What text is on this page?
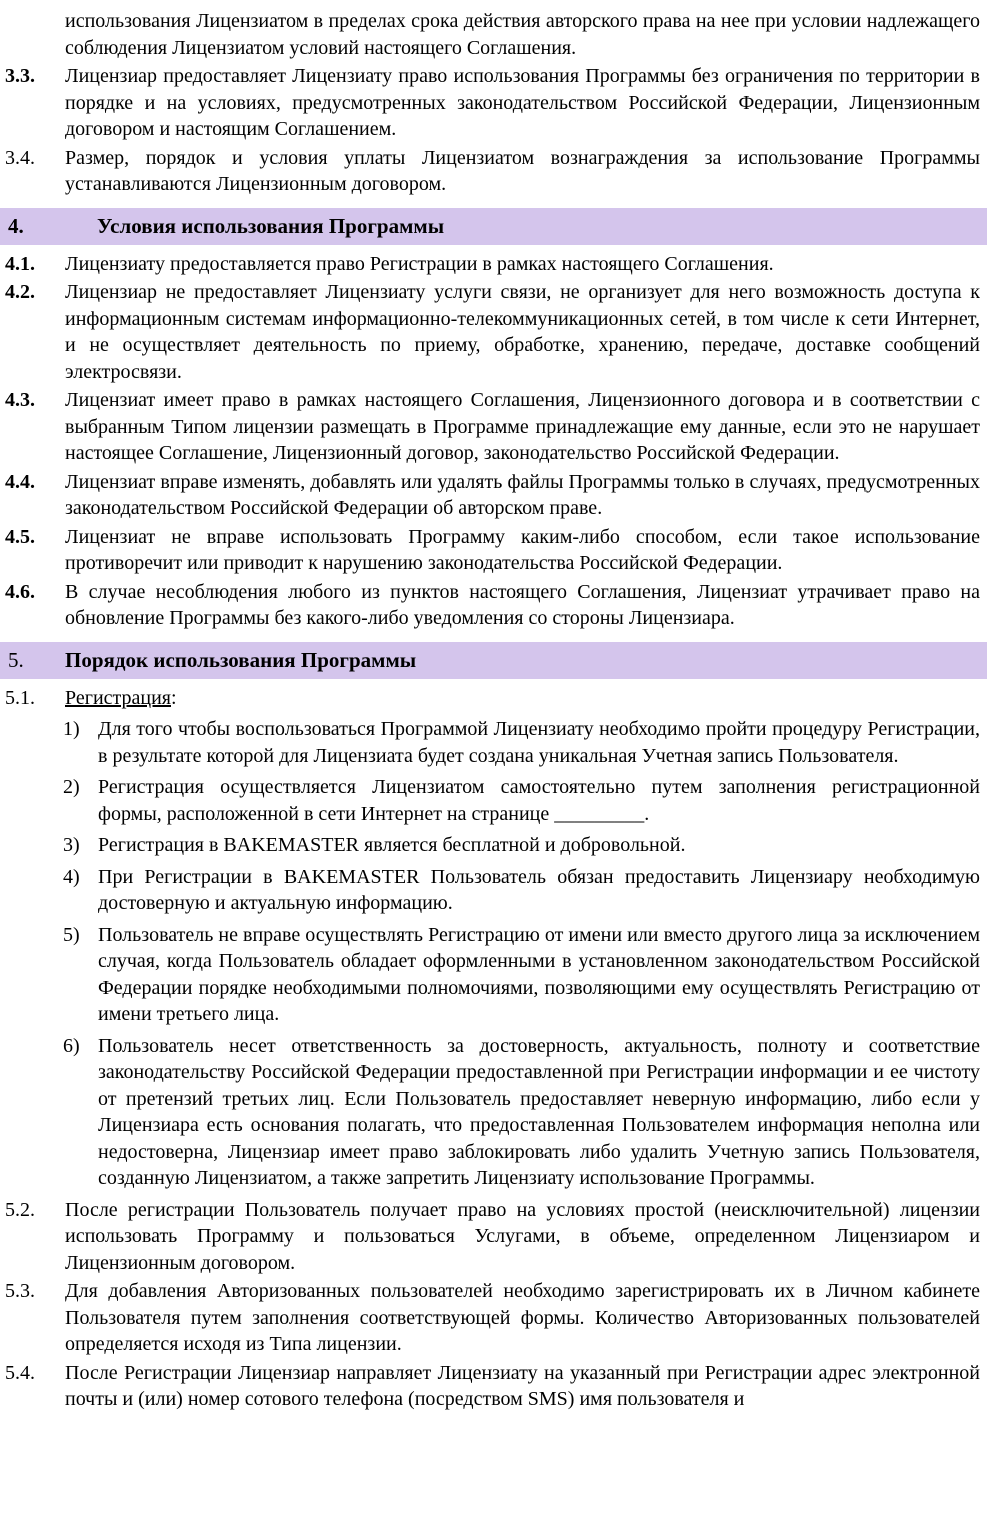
использования Лицензиатом в пределах срока действия авторского права на нее при условии надлежащего соблюдения Лицензиатом условий настоящего Соглашения.
3.3. Лицензиар предоставляет Лицензиату право использования Программы без ограничения по территории в порядке и на условиях, предусмотренных законодательством Российской Федерации, Лицензионным договором и настоящим Соглашением.
3.4. Размер, порядок и условия уплаты Лицензиатом вознаграждения за использование Программы устанавливаются Лицензионным договором.
4.	Условия использования Программы
4.1. Лицензиату предоставляется право Регистрации в рамках настоящего Соглашения.
4.2. Лицензиар не предоставляет Лицензиату услуги связи, не организует для него возможность доступа к информационным системам информационно-телекоммуникационных сетей, в том числе к сети Интернет, и не осуществляет деятельность по приему, обработке, хранению, передаче, доставке сообщений электросвязи.
4.3. Лицензиат имеет право в рамках настоящего Соглашения, Лицензионного договора и в соответствии с выбранным Типом лицензии размещать в Программе принадлежащие ему данные, если это не нарушает настоящее Соглашение, Лицензионный договор, законодательство Российской Федерации.
4.4. Лицензиат вправе изменять, добавлять или удалять файлы Программы только в случаях, предусмотренных законодательством Российской Федерации об авторском праве.
4.5. Лицензиат не вправе использовать Программу каким-либо способом, если такое использование противоречит или приводит к нарушению законодательства Российской Федерации.
4.6. В случае несоблюдения любого из пунктов настоящего Соглашения, Лицензиат утрачивает право на обновление Программы без какого-либо уведомления со стороны Лицензиара.
5. Порядок использования Программы
5.1. Регистрация:
1) Для того чтобы воспользоваться Программой Лицензиату необходимо пройти процедуру Регистрации, в результате которой для Лицензиата будет создана уникальная Учетная запись Пользователя.
2) Регистрация осуществляется Лицензиатом самостоятельно путем заполнения регистрационной формы, расположенной в сети Интернет на странице _________.
3) Регистрация в BAKEMASTER является бесплатной и добровольной.
4) При Регистрации в BAKEMASTER Пользователь обязан предоставить Лицензиару необходимую достоверную и актуальную информацию.
5) Пользователь не вправе осуществлять Регистрацию от имени или вместо другого лица за исключением случая, когда Пользователь обладает оформленными в установленном законодательством Российской Федерации порядке необходимыми полномочиями, позволяющими ему осуществлять Регистрацию от имени третьего лица.
6) Пользователь несет ответственность за достоверность, актуальность, полноту и соответствие законодательству Российской Федерации предоставленной при Регистрации информации и ее чистоту от претензий третьих лиц. Если Пользователь предоставляет неверную информацию, либо если у Лицензиара есть основания полагать, что предоставленная Пользователем информация неполна или недостоверна, Лицензиар имеет право заблокировать либо удалить Учетную запись Пользователя, созданную Лицензиатом, а также запретить Лицензиату использование Программы.
5.2. После регистрации Пользователь получает право на условиях простой (неисключительной) лицензии использовать Программу и пользоваться Услугами, в объеме, определенном Лицензиаром и Лицензионным договором.
5.3. Для добавления Авторизованных пользователей необходимо зарегистрировать их в Личном кабинете Пользователя путем заполнения соответствующей формы. Количество Авторизованных пользователей определяется исходя из Типа лицензии.
5.4. После Регистрации Лицензиар направляет Лицензиату на указанный при Регистрации адрес электронной почты и (или) номер сотового телефона (посредством SMS) имя пользователя и
